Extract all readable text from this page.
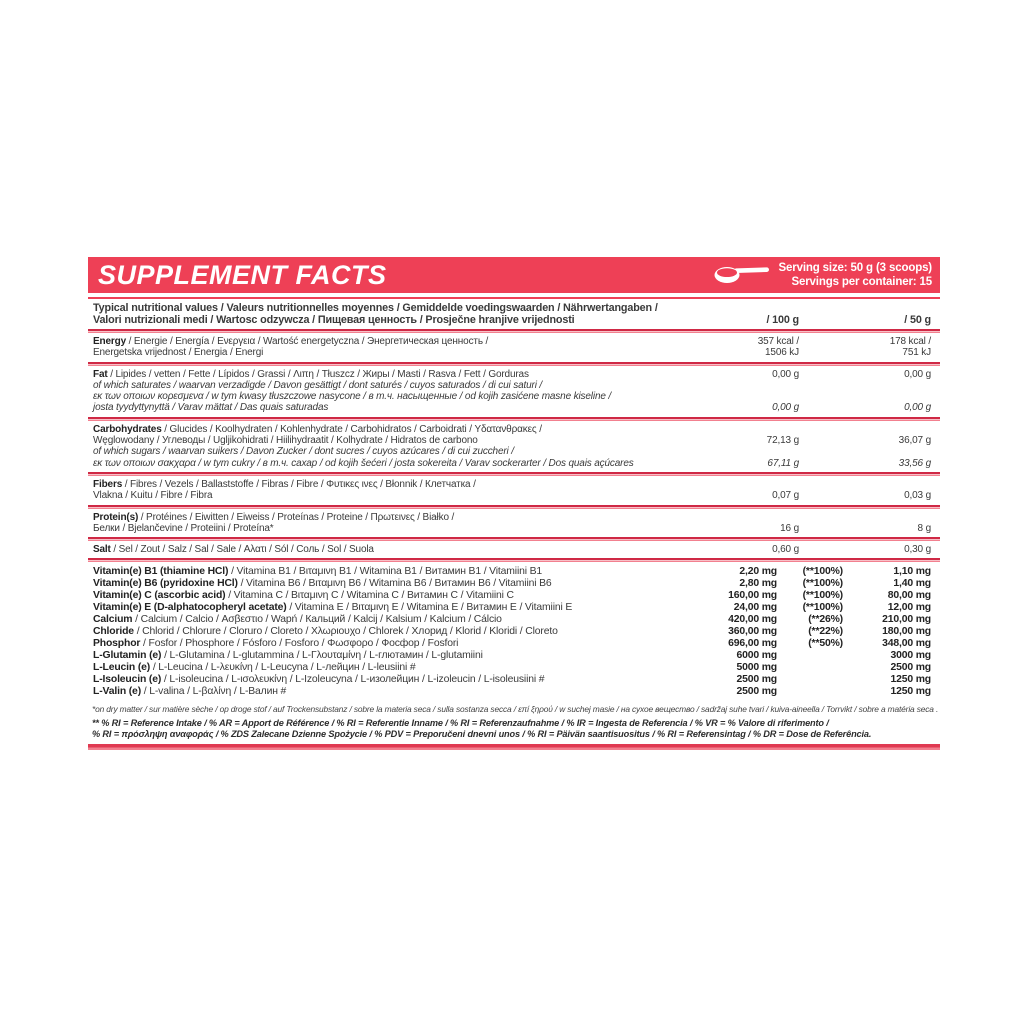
SUPPLEMENT FACTS	Serving size: 50 g (3 scoops)
Servings per container: 15
Typical nutritional values / Valeurs nutritionnelles moyennes / Gemiddelde voedingswaarden / Nährwertangaben /
Valori nutrizionali medi / Wartosc odzywcza / Пищевая ценность / Prosječne hranjive vrijednosti	/ 100 g	/ 50 g
Energy / Energie / Energía / Ενεργεια / Wartość energetyczna / Энергетическая ценность /	357 kcal /	178 kcal /
Energetska vrijednost / Energia / Energi	1506 kJ	751 kJ
Fat / Lipides / vetten / Fette / Lípidos / Grassi / Λιπη / Tłuszcz / Жиры / Masti / Rasva / Fett / Gorduras	0,00 g	0,00 g
of which saturates / waarvan verzadigde / Davon gesättigt / dont saturés / cuyos saturados / di cui saturi /
εκ των οποιων κορεσμενα / w tym kwasy tłuszczowe nasycone / в т.ч. насыщенные / od kojih zasićene masne kiseline /
josta tyydyttynyttä / Varav mättat / Das quais saturadas	0,00 g	0,00 g
Carbohydrates / Glucides / Koolhydraten / Kohlenhydrate / Carbohidratos / Carboidrati / Υδατανθρακες /
Węglowodany / Углеводы / Ugljikohidrati / Hiilihydraatit / Kolhydrate / Hidratos de carbono	72,13 g	36,07 g
of which sugars / waarvan suikers / Davon Zucker / dont sucres / cuyos azúcares / di cui zuccheri /
εκ των οποιων σακχαρα / w tym cukry / в т.ч. сахар / od kojih šećeri / josta sokereita / Varav sockerarter / Dos quais açúcares	67,11 g	33,56 g
Fibers / Fibres / Vezels / Ballaststoffe / Fibras / Fibre / Φυτικες ινες / Błonnik / Клетчатка /
Vlakna / Kuitu / Fibre / Fibra	0,07 g	0,03 g
Protein(s) / Protéines / Eiwitten / Eiweiss / Proteínas / Proteine / Πρωτεινες / Białko /
Белки / Bjelančevine / Proteiini / Proteína*	16 g	8 g
Salt / Sel / Zout / Salz / Sal / Sale / Αλατι / Sól / Соль / Sol / Suola	0,60 g	0,30 g
Vitamin(e) B1 (thiamine HCl) / Vitamina B1 / Βιταμινη B1 / Witamina B1 / Витамин B1 / Vitamiini B1	2,20 mg	(**100%)	1,10 mg
Vitamin(e) B6 (pyridoxine HCl) / Vitamina B6 / Βιταμινη B6 / Witamina B6 / Витамин B6 / Vitamiini B6	2,80 mg	(**100%)	1,40 mg
Vitamin(e) C (ascorbic acid) / Vitamina C / Βιταμινη C / Witamina C / Витамин C / Vitamiini C	160,00 mg	(**100%)	80,00 mg
Vitamin(e) E (D-alphatocopheryl acetate) / Vitamina E / Βιταμινη E / Witamina E / Витамин E / Vitamiini E	24,00 mg	(**100%)	12,00 mg
Calcium / Calcium / Calcio / Ασβεστιο / Wapń / Кальций / Kalcij / Kalsium / Kalcium / Cálcio	420,00 mg	(**26%)	210,00 mg
Chloride / Chlorid / Chlorure / Cloruro / Cloreto / Χλωριουχο / Chlorek / Хлорид / Klorid / Kloridi / Cloreto	360,00 mg	(**22%)	180,00 mg
Phosphor / Fosfor / Phosphore / Fósforo / Fosforo / Φωσφορο / Фосфор / Fosfori	696,00 mg	(**50%)	348,00 mg
L-Glutamin (e) / L-Glutamina / L-glutammina / L-Γλουταμίνη / L-глютамин / L-glutamiini	6000 mg	3000 mg
L-Leucin (e) / L-Leucina / L-λευκίνη / L-Leucyna / L-лейцин / L-leusiini #	5000 mg	2500 mg
L-Isoleucin (e) / L-isoleucina / L-ισολευκίνη / L-Izoleucyna / L-изолейцин / L-izoleucin / L-isoleusiini #	2500 mg	1250 mg
L-Valin (e) / L-valina / L-βαλίνη / L-Валин #	2500 mg	1250 mg
*on dry matter / sur matière sèche / op droge stof / auf Trockensubstanz / sobre la materia seca / sulla sostanza secca / επί ξηρού / w suchej masie / на сухое вещество / sadržaj suhe tvari / kuiva-aineella / Torrvikt / sobre a matéria seca .
** % RI = Reference Intake / % AR = Apport de Référence / % RI = Referentie Inname / % RI = Referenzaufnahme / % IR = Ingesta de Referencia / % VR = % Valore di riferimento /
% RI = πρόσληψη αναφοράς / % ZDS Zalecane Dzienne Spożycie / % PDV = Preporučeni dnevni unos / % RI = Päivän saantisuositus / % RI = Referensintag / % DR = Dose de Referência.
